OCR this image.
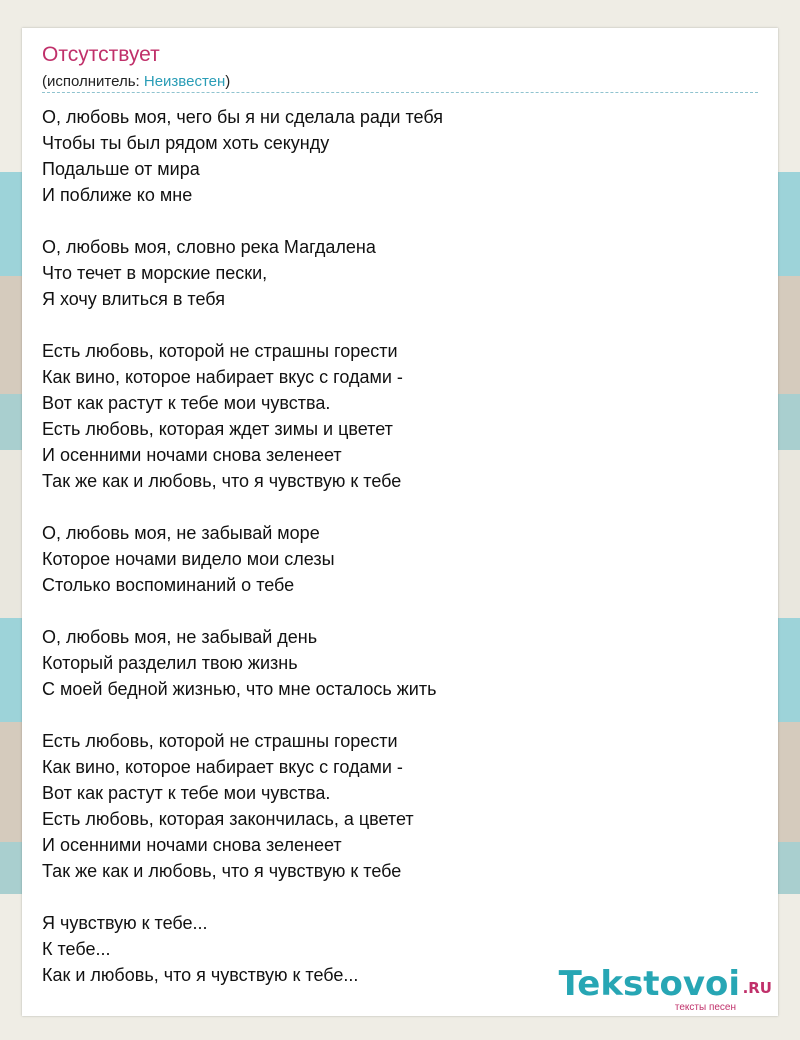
Отсутствует
(исполнитель: Неизвестен)
О, любовь моя, чего бы я ни сделала ради тебя
Чтобы ты был рядом хоть секунду
Подальше от мира
И поближе ко мне
О, любовь моя, словно река Магдалена
Что течет в морские пески,
Я хочу влиться в тебя
Есть любовь, которой не страшны горести
Как вино, которое набирает вкус с годами -
Вот как растут к тебе мои чувства.
Есть любовь, которая ждет зимы и цветет
И осенними ночами снова зеленеет
Так же как и любовь, что я чувствую к тебе
О, любовь моя, не забывай море
Которое ночами видело мои слезы
Столько воспоминаний о тебе
О, любовь моя, не забывай день
Который разделил твою жизнь
С моей бедной жизнью, что мне осталось жить
Есть любовь, которой не страшны горести
Как вино, которое набирает вкус с годами -
Вот как растут к тебе мои чувства.
Есть любовь, которая закончилась, а цветет
И осенними ночами снова зеленеет
Так же как и любовь, что я чувствую к тебе
Я чувствую к тебе...
К тебе...
Как и любовь, что я чувствую к тебе...	Tekstovoi .RU
тексты песен
